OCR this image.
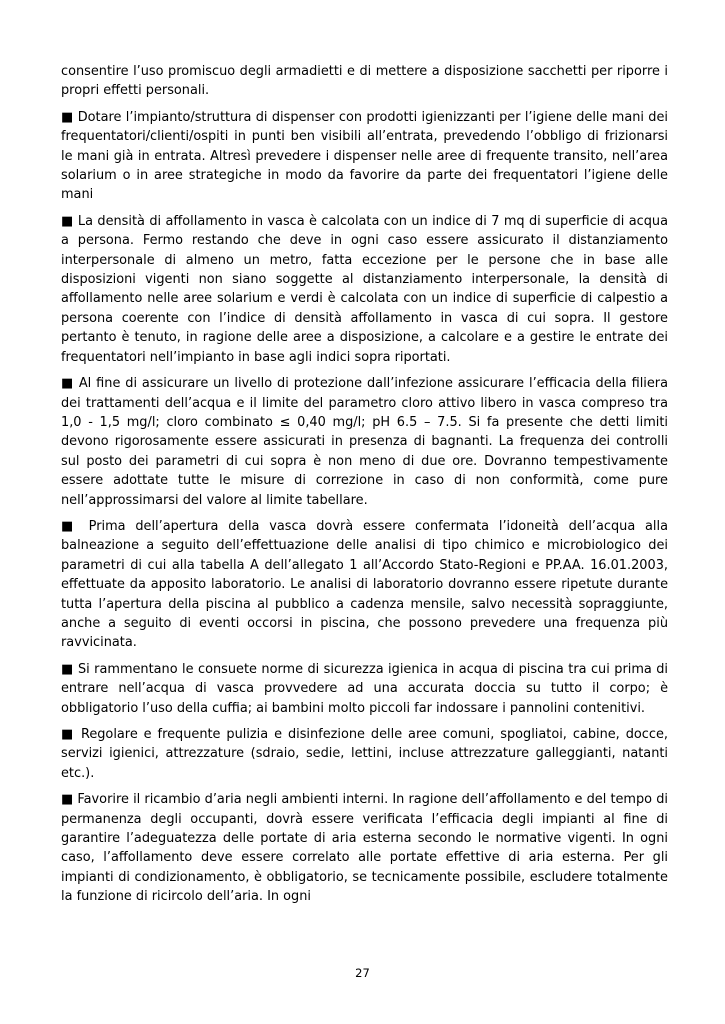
consentire l’uso promiscuo degli armadietti e di mettere a disposizione sacchetti per riporre i propri effetti personali.

■ Dotare l’impianto/struttura di dispenser con prodotti igienizzanti per l’igiene delle mani dei frequentatori/clienti/ospiti in punti ben visibili all’entrata, prevedendo l’obbligo di frizionarsi le mani già in entrata. Altresì prevedere i dispenser nelle aree di frequente transito, nell’area solarium o in aree strategiche in modo da favorire da parte dei frequentatori l’igiene delle mani

■ La densità di affollamento in vasca è calcolata con un indice di 7 mq di superficie di acqua a persona. Fermo restando che deve in ogni caso essere assicurato il distanziamento interpersonale di almeno un metro, fatta eccezione per le persone che in base alle disposizioni vigenti non siano soggette al distanziamento interpersonale, la densità di affollamento nelle aree solarium e verdi è calcolata con un indice di superficie di calpestio a persona coerente con l’indice di densità affollamento in vasca di cui sopra. Il gestore pertanto è tenuto, in ragione delle aree a disposizione, a calcolare e a gestire le entrate dei frequentatori nell’impianto in base agli indici sopra riportati.

■ Al fine di assicurare un livello di protezione dall’infezione assicurare l’efficacia della filiera dei trattamenti dell’acqua e il limite del parametro cloro attivo libero in vasca compreso tra 1,0 - 1,5 mg/l; cloro combinato ≤ 0,40 mg/l; pH 6.5 – 7.5. Si fa presente che detti limiti devono rigorosamente essere assicurati in presenza di bagnanti. La frequenza dei controlli sul posto dei parametri di cui sopra è non meno di due ore. Dovranno tempestivamente essere adottate tutte le misure di correzione in caso di non conformità, come pure nell’approssimarsi del valore al limite tabellare.

■ Prima dell’apertura della vasca dovrà essere confermata l’idoneità dell’acqua alla balneazione a seguito dell’effettuazione delle analisi di tipo chimico e microbiologico dei parametri di cui alla tabella A dell’allegato 1 all’Accordo Stato-Regioni e PP.AA. 16.01.2003, effettuate da apposito laboratorio. Le analisi di laboratorio dovranno essere ripetute durante tutta l’apertura della piscina al pubblico a cadenza mensile, salvo necessità sopraggiunte, anche a seguito di eventi occorsi in piscina, che possono prevedere una frequenza più ravvicinata.

■ Si rammentano le consuete norme di sicurezza igienica in acqua di piscina tra cui prima di entrare nell’acqua di vasca provvedere ad una accurata doccia su tutto il corpo; è obbligatorio l’uso della cuffia; ai bambini molto piccoli far indossare i pannolini contenitivi.

■ Regolare e frequente pulizia e disinfezione delle aree comuni, spogliatoi, cabine, docce, servizi igienici, attrezzature (sdraio, sedie, lettini, incluse attrezzature galleggianti, natanti etc.).

■ Favorire il ricambio d’aria negli ambienti interni. In ragione dell’affollamento e del tempo di permanenza degli occupanti, dovrà essere verificata l’efficacia degli impianti al fine di garantire l’adeguatezza delle portate di aria esterna secondo le normative vigenti. In ogni caso, l’affollamento deve essere correlato alle portate effettive di aria esterna. Per gli impianti di condizionamento, è obbligatorio, se tecnicamente possibile, escludere totalmente la funzione di ricircolo dell’aria. In ogni

27
